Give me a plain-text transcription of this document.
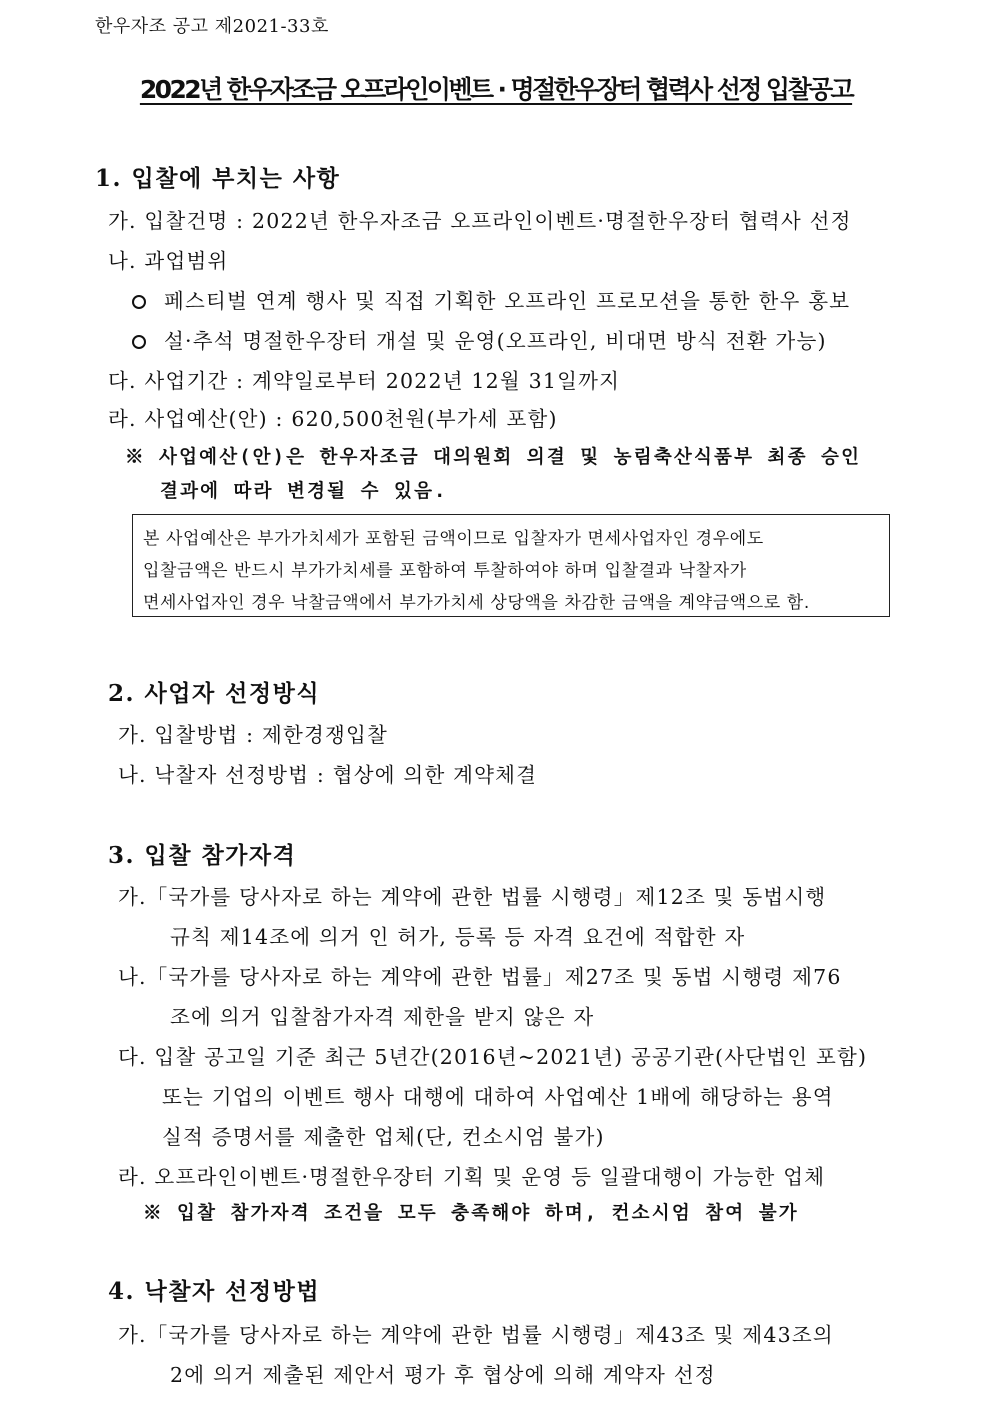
한우자조 공고 제2021-33호
2022년 한우자조금 오프라인이벤트 · 명절한우장터 협력사 선정 입찰공고
1. 입찰에 부치는 사항
가. 입찰건명 : 2022년 한우자조금 오프라인이벤트·명절한우장터 협력사 선정
나. 과업범위
페스티벌 연계 행사 및 직접 기획한 오프라인 프로모션을 통한 한우 홍보
설·추석 명절한우장터 개설 및 운영(오프라인, 비대면 방식 전환 가능)
다. 사업기간 : 계약일로부터 2022년 12월 31일까지
라. 사업예산(안) : 620,500천원(부가세 포함)
※ 사업예산(안)은 한우자조금 대의원회 의결 및 농림축산식품부 최종 승인
결과에 따라 변경될 수 있음.
본 사업예산은 부가가치세가 포함된 금액이므로 입찰자가 면세사업자인 경우에도
입찰금액은 반드시 부가가치세를 포함하여 투찰하여야 하며 입찰결과 낙찰자가
면세사업자인 경우 낙찰금액에서 부가가치세 상당액을 차감한 금액을 계약금액으로 함.
2. 사업자 선정방식
가. 입찰방법 : 제한경쟁입찰
나. 낙찰자 선정방법 : 협상에 의한 계약체결
3. 입찰 참가자격
가.「국가를 당사자로 하는 계약에 관한 법률 시행령」제12조 및 동법시행
규칙 제14조에 의거 인 허가, 등록 등 자격 요건에 적합한 자
나.「국가를 당사자로 하는 계약에 관한 법률」제27조 및 동법 시행령 제76
조에 의거 입찰참가자격 제한을 받지 않은 자
다. 입찰 공고일 기준 최근 5년간(2016년~2021년) 공공기관(사단법인 포함)
또는 기업의 이벤트 행사 대행에 대하여 사업예산 1배에 해당하는 용역
실적 증명서를 제출한 업체(단, 컨소시엄 불가)
라. 오프라인이벤트·명절한우장터 기획 및 운영 등 일괄대행이 가능한 업체
※ 입찰 참가자격 조건을 모두 충족해야 하며, 컨소시엄 참여 불가
4. 낙찰자 선정방법
가.「국가를 당사자로 하는 계약에 관한 법률 시행령」제43조 및 제43조의
2에 의거 제출된 제안서 평가 후 협상에 의해 계약자 선정
